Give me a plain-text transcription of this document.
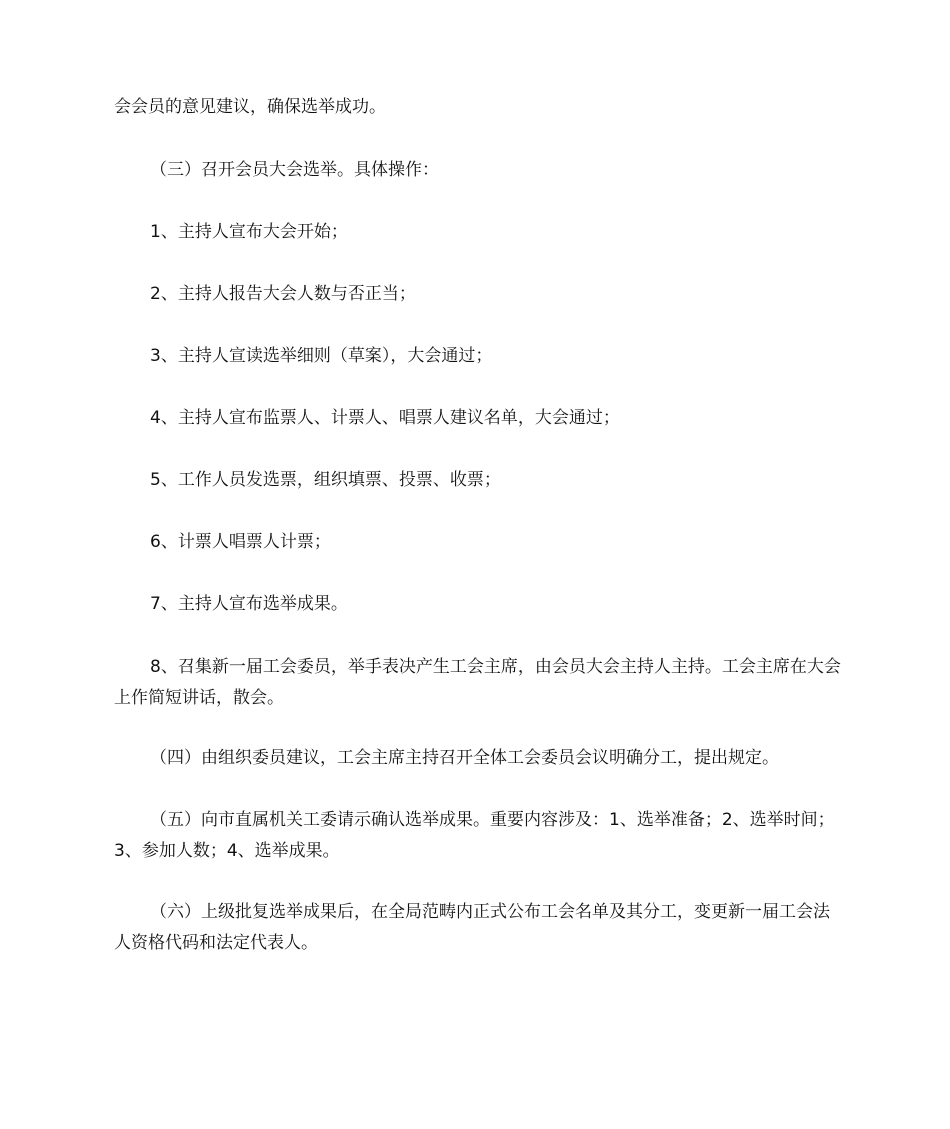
会会员的意见建议，确保选举成功。

（三）召开会员大会选举。具体操作：

1、主持人宣布大会开始；

2、主持人报告大会人数与否正当；

3、主持人宣读选举细则（草案），大会通过；

4、主持人宣布监票人、计票人、唱票人建议名单，大会通过；

5、工作人员发选票，组织填票、投票、收票；

6、计票人唱票人计票；

7、主持人宣布选举成果。

8、召集新一届工会委员，举手表决产生工会主席，由会员大会主持人主持。工会主席在大会上作简短讲话，散会。

（四）由组织委员建议，工会主席主持召开全体工会委员会议明确分工，提出规定。

（五）向市直属机关工委请示确认选举成果。重要内容涉及：1、选举准备；2、选举时间；3、参加人数；4、选举成果。

（六）上级批复选举成果后，在全局范畴内正式公布工会名单及其分工，变更新一届工会法人资格代码和法定代表人。
